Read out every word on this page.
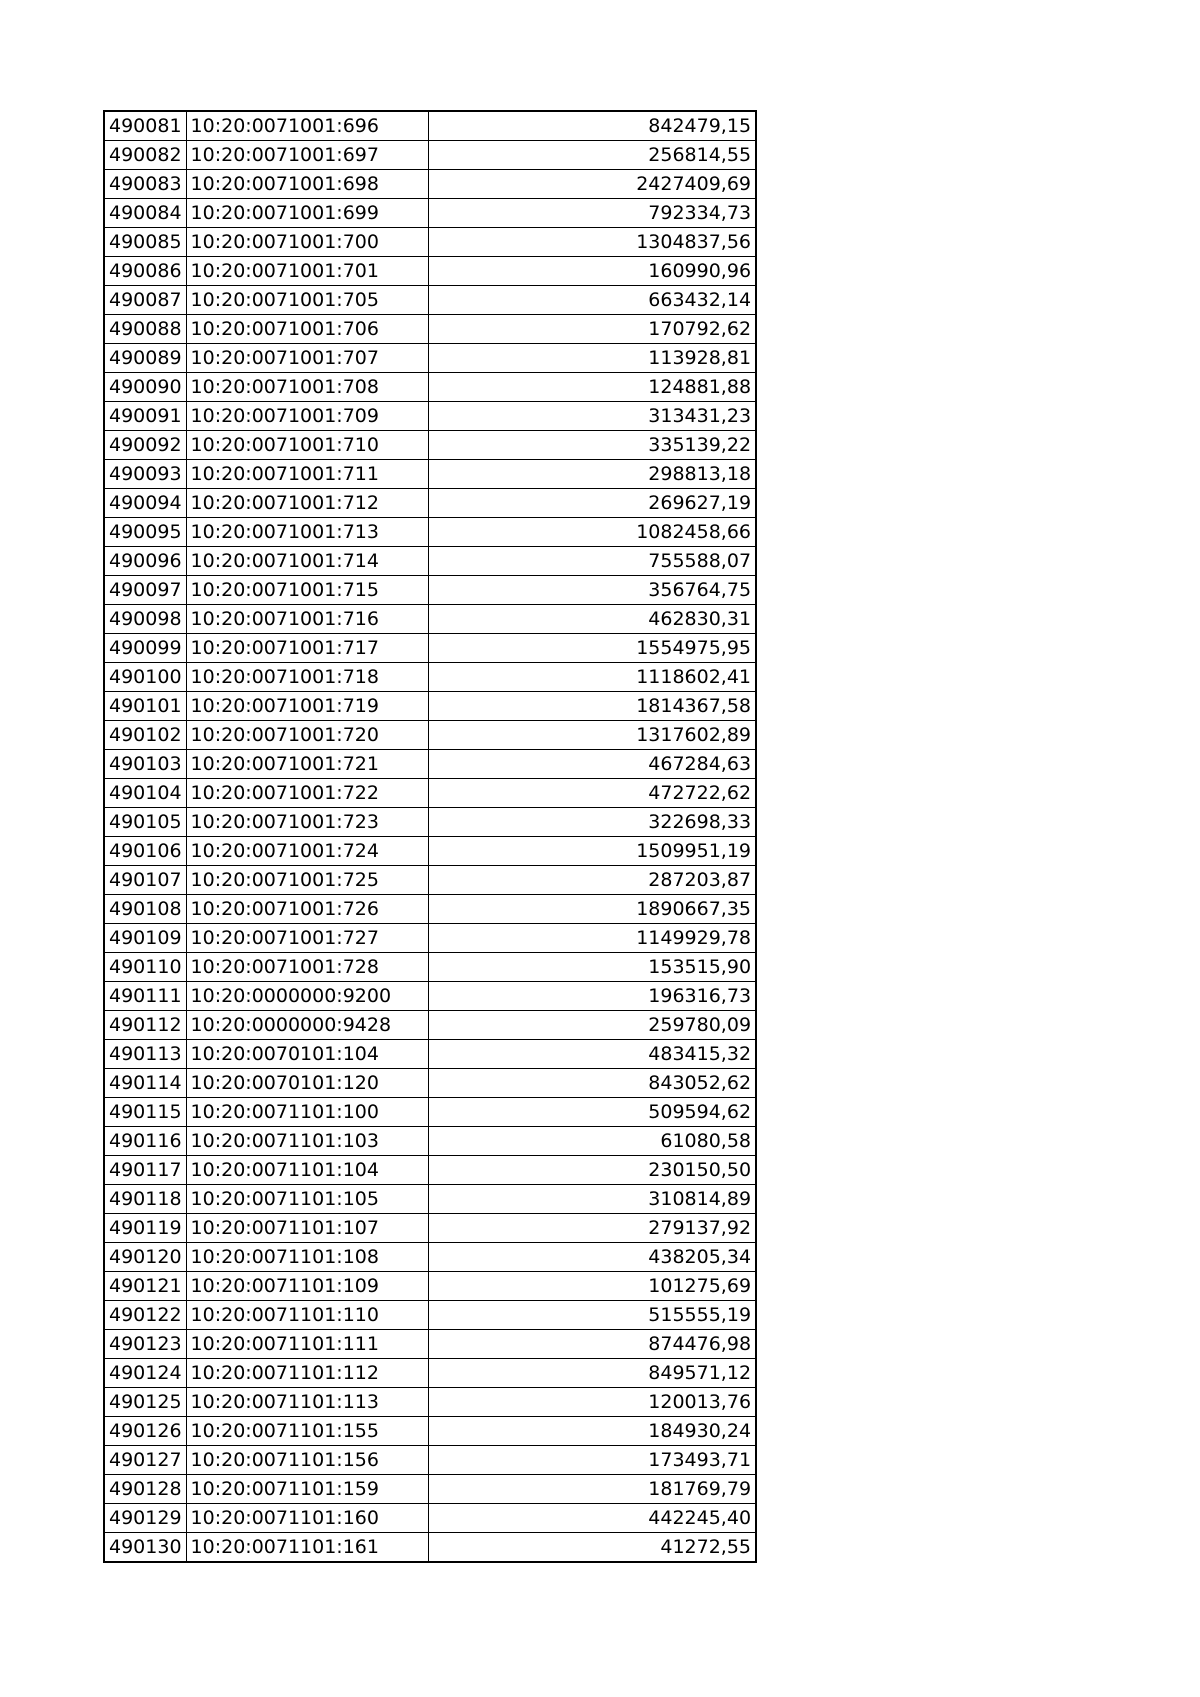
490081	10:20:0071001:696	842479,15
490082	10:20:0071001:697	256814,55
490083	10:20:0071001:698	2427409,69
490084	10:20:0071001:699	792334,73
490085	10:20:0071001:700	1304837,56
490086	10:20:0071001:701	160990,96
490087	10:20:0071001:705	663432,14
490088	10:20:0071001:706	170792,62
490089	10:20:0071001:707	113928,81
490090	10:20:0071001:708	124881,88
490091	10:20:0071001:709	313431,23
490092	10:20:0071001:710	335139,22
490093	10:20:0071001:711	298813,18
490094	10:20:0071001:712	269627,19
490095	10:20:0071001:713	1082458,66
490096	10:20:0071001:714	755588,07
490097	10:20:0071001:715	356764,75
490098	10:20:0071001:716	462830,31
490099	10:20:0071001:717	1554975,95
490100	10:20:0071001:718	1118602,41
490101	10:20:0071001:719	1814367,58
490102	10:20:0071001:720	1317602,89
490103	10:20:0071001:721	467284,63
490104	10:20:0071001:722	472722,62
490105	10:20:0071001:723	322698,33
490106	10:20:0071001:724	1509951,19
490107	10:20:0071001:725	287203,87
490108	10:20:0071001:726	1890667,35
490109	10:20:0071001:727	1149929,78
490110	10:20:0071001:728	153515,90
490111	10:20:0000000:9200	196316,73
490112	10:20:0000000:9428	259780,09
490113	10:20:0070101:104	483415,32
490114	10:20:0070101:120	843052,62
490115	10:20:0071101:100	509594,62
490116	10:20:0071101:103	61080,58
490117	10:20:0071101:104	230150,50
490118	10:20:0071101:105	310814,89
490119	10:20:0071101:107	279137,92
490120	10:20:0071101:108	438205,34
490121	10:20:0071101:109	101275,69
490122	10:20:0071101:110	515555,19
490123	10:20:0071101:111	874476,98
490124	10:20:0071101:112	849571,12
490125	10:20:0071101:113	120013,76
490126	10:20:0071101:155	184930,24
490127	10:20:0071101:156	173493,71
490128	10:20:0071101:159	181769,79
490129	10:20:0071101:160	442245,40
490130	10:20:0071101:161	41272,55
